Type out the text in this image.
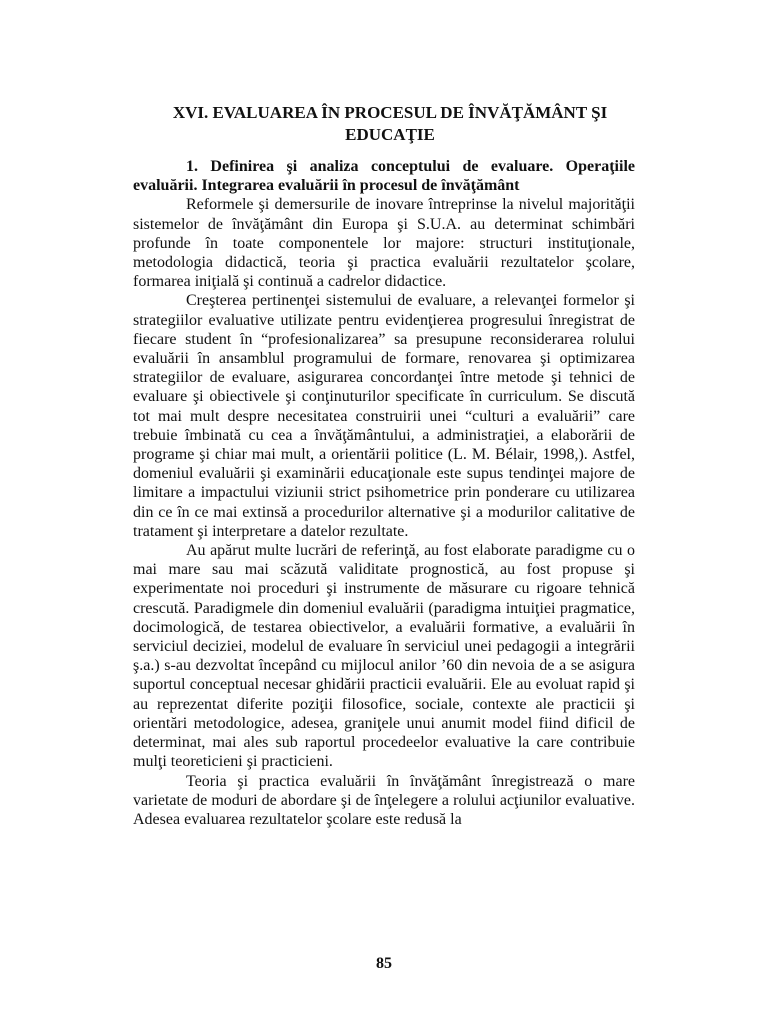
XVI. EVALUAREA ÎN PROCESUL DE ÎNVĂŢĂMÂNT ŞI
EDUCAŢIE

1. Definirea şi analiza conceptului de evaluare. Operaţiile evaluării. Integrarea evaluării în procesul de învăţământ

Reformele şi demersurile de inovare întreprinse la nivelul majorităţii sistemelor de învăţământ din Europa şi S.U.A. au determinat schimbări profunde în toate componentele lor majore: structuri instituţionale, metodologia didactică, teoria şi practica evaluării rezultatelor şcolare, formarea iniţială şi continuă a cadrelor didactice.

Creşterea pertinenţei sistemului de evaluare, a relevanţei formelor şi strategiilor evaluative utilizate pentru evidenţierea progresului înregistrat de fiecare student în “profesionalizarea” sa presupune reconsiderarea rolului evaluării în ansamblul programului de formare, renovarea şi optimizarea strategiilor de evaluare, asigurarea concordanţei între metode şi tehnici de evaluare şi obiectivele şi conţinuturilor specificate în curriculum. Se discută tot mai mult despre necesitatea construirii unei “culturi a evaluării” care trebuie îmbinată cu cea a învăţământului, a administraţiei, a elaborării de programe şi chiar mai mult, a orientării politice (L. M. Bélair, 1998,). Astfel, domeniul evaluării şi examinării educaţionale este supus tendinţei majore de limitare a impactului viziunii strict psihometrice prin ponderare cu utilizarea din ce în ce mai extinsă a procedurilor alternative şi a modurilor calitative de tratament şi interpretare a datelor rezultate.

Au apărut multe lucrări de referinţă, au fost elaborate paradigme cu o mai mare sau mai scăzută validitate prognostică, au fost propuse şi experimentate noi proceduri şi instrumente de măsurare cu rigoare tehnică crescută. Paradigmele din domeniul evaluării (paradigma intuiţiei pragmatice, docimologică, de testarea obiectivelor, a evaluării formative, a evaluării în serviciul deciziei, modelul de evaluare în serviciul unei pedagogii a integrării ş.a.) s-au dezvoltat începând cu mijlocul anilor ’60 din nevoia de a se asigura suportul conceptual necesar ghidării practicii evaluării. Ele au evoluat rapid şi au reprezentat diferite poziţii filosofice, sociale, contexte ale practicii şi orientări metodologice, adesea, graniţele unui anumit model fiind dificil de determinat, mai ales sub raportul procedeelor evaluative la care contribuie mulţi teoreticieni şi practicieni.

Teoria şi practica evaluării în învăţământ înregistrează o mare varietate de moduri de abordare şi de înţelegere a rolului acţiunilor evaluative. Adesea evaluarea rezultatelor şcolare este redusă la

85
